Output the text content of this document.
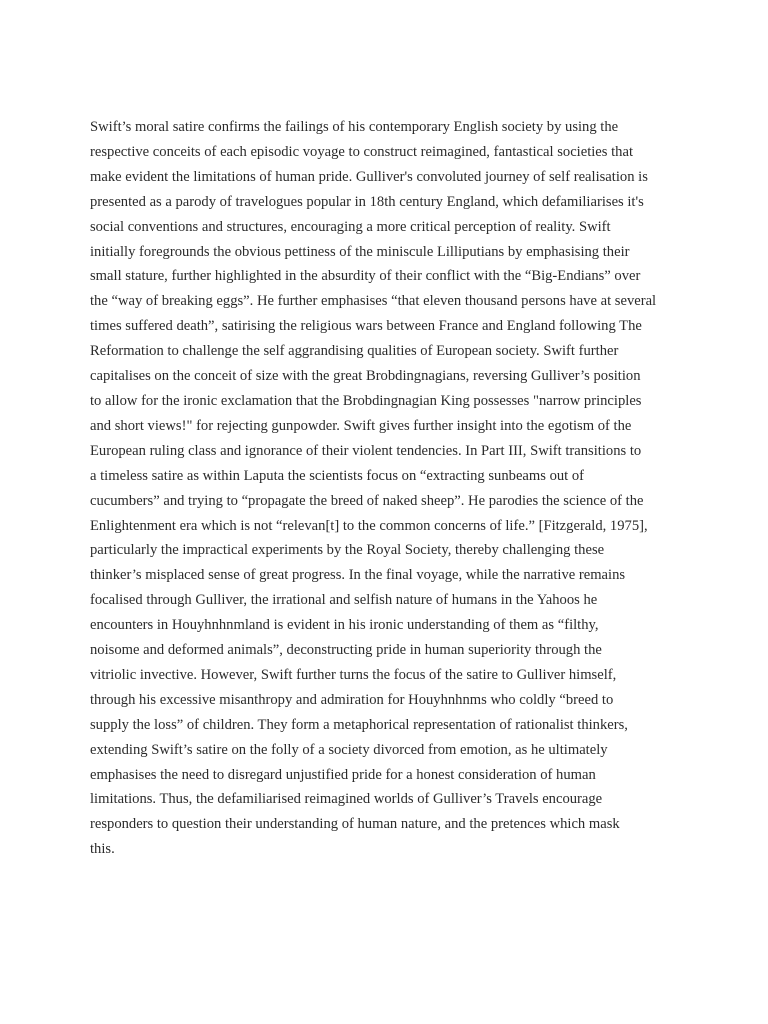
Swift’s moral satire confirms the failings of his contemporary English society by using the
respective conceits of each episodic voyage to construct reimagined, fantastical societies that
make evident the limitations of human pride. Gulliver's convoluted journey of self realisation is
presented as a parody of travelogues popular in 18th century England, which defamiliarises it's
social conventions and structures, encouraging a more critical perception of reality. Swift
initially foregrounds the obvious pettiness of the miniscule Lilliputians by emphasising their
small stature, further highlighted in the absurdity of their conflict with the “Big-Endians” over
the “way of breaking eggs”. He further emphasises “that eleven thousand persons have at several
times suffered death”, satirising the religious wars between France and England following The
Reformation to challenge the self aggrandising qualities of European society. Swift further
capitalises on the conceit of size with the great Brobdingnagians, reversing Gulliver’s position
to allow for the ironic exclamation that the Brobdingnagian King possesses "narrow principles
and short views!" for rejecting gunpowder. Swift gives further insight into the egotism of the
European ruling class and ignorance of their violent tendencies. In Part III, Swift transitions to
a timeless satire as within Laputa the scientists focus on “extracting sunbeams out of
cucumbers” and trying to “propagate the breed of naked sheep”. He parodies the science of the
Enlightenment era which is not “relevan[t] to the common concerns of life.” [Fitzgerald, 1975],
particularly the impractical experiments by the Royal Society, thereby challenging these
thinker’s misplaced sense of great progress. In the final voyage, while the narrative remains
focalised through Gulliver, the irrational and selfish nature of humans in the Yahoos he
encounters in Houyhnhnmland is evident in his ironic understanding of them as “filthy,
noisome and deformed animals”, deconstructing pride in human superiority through the
vitriolic invective. However, Swift further turns the focus of the satire to Gulliver himself,
through his excessive misanthropy and admiration for Houyhnhnms who coldly “breed to
supply the loss” of children. They form a metaphorical representation of rationalist thinkers,
extending Swift’s satire on the folly of a society divorced from emotion, as he ultimately
emphasises the need to disregard unjustified pride for a honest consideration of human
limitations. Thus, the defamiliarised reimagined worlds of Gulliver’s Travels encourage
responders to question their understanding of human nature, and the pretences which mask
this.
